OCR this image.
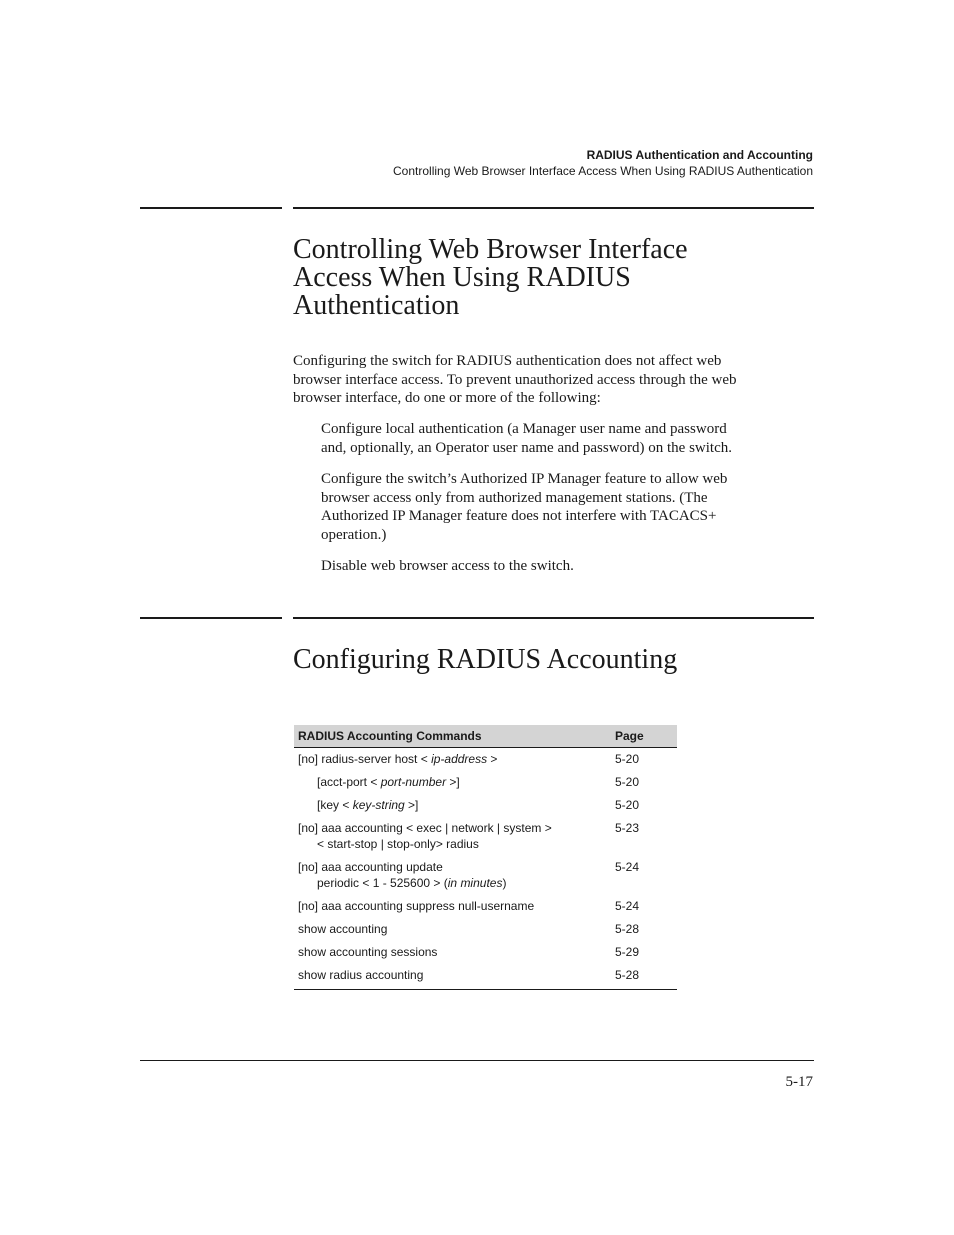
RADIUS Authentication and Accounting
Controlling Web Browser Interface Access When Using RADIUS Authentication
Controlling Web Browser Interface
Access When Using RADIUS
Authentication
Configuring the switch for RADIUS authentication does not affect web
browser interface access. To prevent unauthorized access through the web
browser interface, do one or more of the following:
Configure local authentication (a Manager user name and password
and, optionally, an Operator user name and password) on the switch.
Configure the switch’s Authorized IP Manager feature to allow web
browser access only from authorized management stations. (The
Authorized IP Manager feature does not interfere with TACACS+
operation.)
Disable web browser access to the switch.
Configuring RADIUS Accounting
RADIUS Accounting Commands	Page
[no] radius-server host < ip-address >	5-20
[acct-port < port-number >]	5-20
[key < key-string >]	5-20

[no] aaa accounting < exec | network | system >
< start-stop | stop-only> radius	5-23

[no] aaa accounting update
periodic < 1 - 525600 > (in minutes)	5-24
[no] aaa accounting suppress null-username	5-24
show accounting	5-28
show accounting sessions	5-29
show radius accounting	5-28
5-17
